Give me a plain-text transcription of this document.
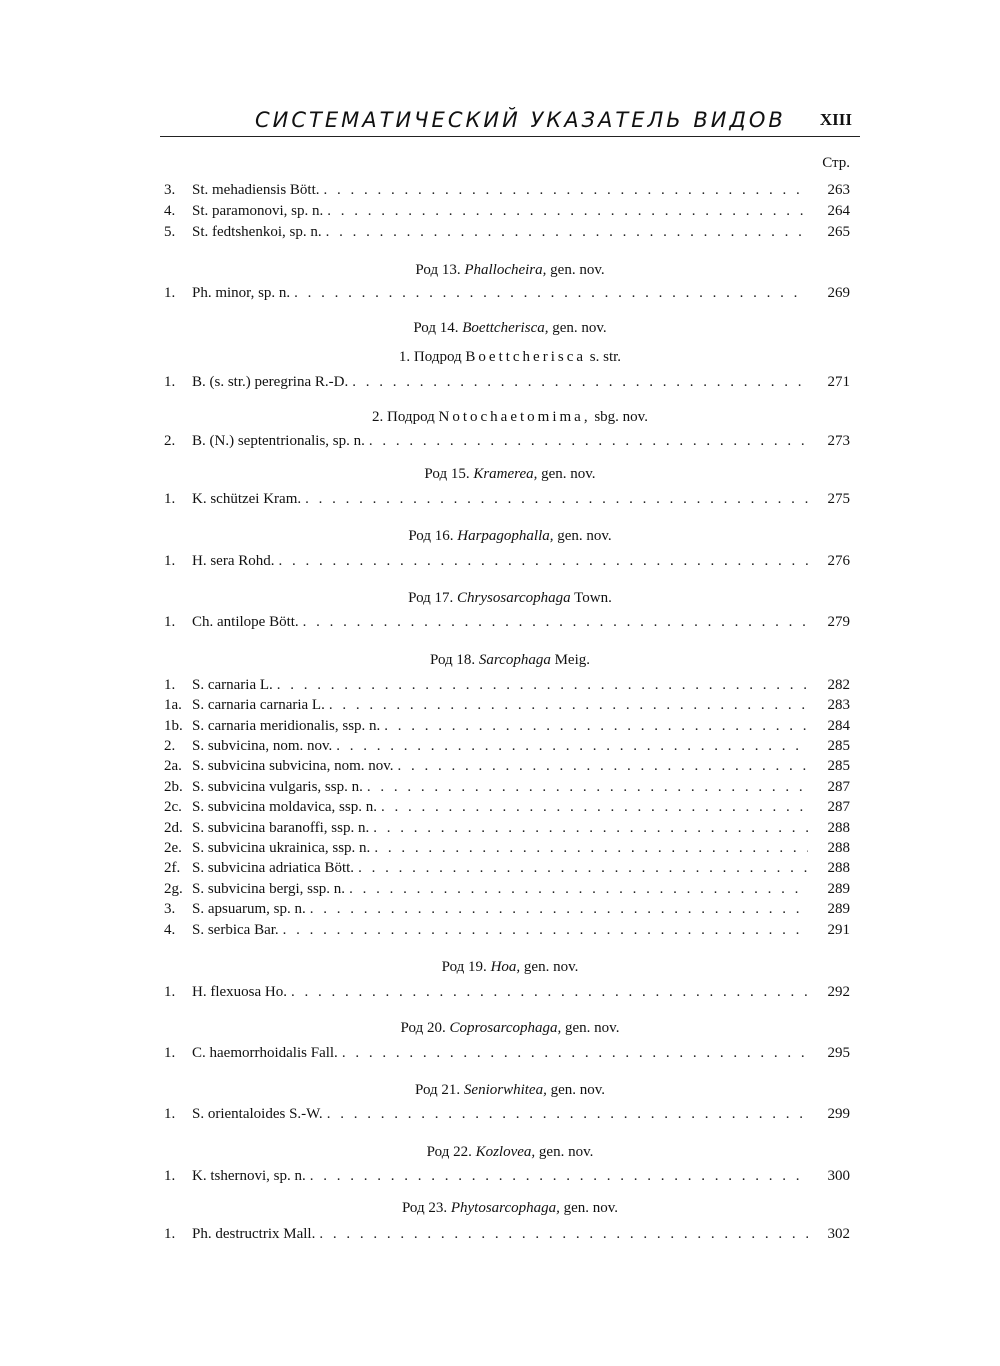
СИСТЕМАТИЧЕСКИЙ УКАЗАТЕЛЬ ВИДОВ XIII
Стр.
3.	St. mehadiensis Bött. . . .	263
4.	St. paramonovi, sp. n. . . .	264
5.	St. fedtshenkoi, sp. n. . . .	265
Род 13. Phallocheira, gen. nov.
1.	Ph. minor, sp. n. . . .	269
Род 14. Boettcherisca, gen. nov.
1. Подрод Boettcherisca s. str.
1.	B. (s. str.) peregrina R.-D. . . .	271
2. Подрод Notochaetomima, sbg. nov.
2.	B. (N.) septentrionalis, sp. n. . . .	273
Род 15. Kramerea, gen. nov.
1.	K. schützei Kram. . . .	275
Род 16. Harpagophalla, gen. nov.
1.	H. sera Rohd. . . .	276
Род 17. Chrysosarcophaga Town.
1.	Ch. antilope Bött. . . .	279
Род 18. Sarcophaga Meig.
1.	S. carnaria L. . . .	282
1a. S. carnaria carnaria L. . . .	283
1b. S. carnaria meridionalis, ssp. n. . . .	284
2.	S. subvicina, nom. nov. . . .	285
2a. S. subvicina subvicina, nom. nov. . . .	285
2b. S. subvicina vulgaris, ssp. n. . . .	287
2c. S. subvicina moldavica, ssp. n. . . .	287
2d. S. subvicina baranoffi, ssp. n. . . .	288
2e. S. subvicina ukrainica, ssp. n. . . .	288
2f. S. subvicina adriatica Bött. . . .	288
2g. S. subvicina bergi, ssp. n. . . .	289
3.	S. apsuarum, sp. n. . . .	289
4.	S. serbica Bar. . . .	291
Род 19. Hoa, gen. nov.
1.	H. flexuosa Ho. . . .	292
Род 20. Coprosarcophaga, gen. nov.
1.	C. haemorrhoidalis Fall. . . .	295
Род 21. Seniorwhitea, gen. nov.
1.	S. orientaloides S.-W. . . .	299
Род 22. Kozlovea, gen. nov.
1.	K. tshernovi, sp. n. . . .	300
Род 23. Phytosarcophaga, gen. nov.
1.	Ph. destructrix Mall. . . .	302
